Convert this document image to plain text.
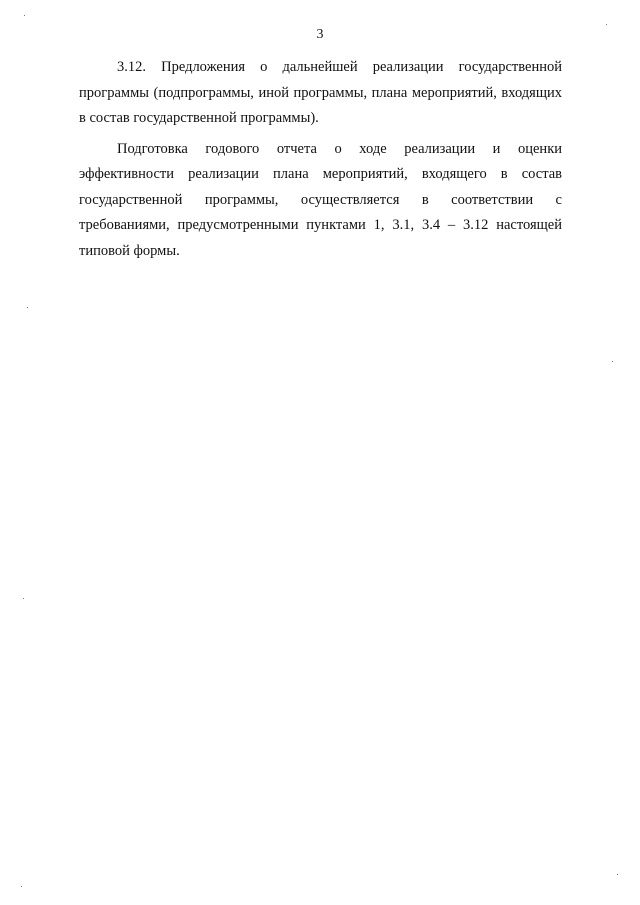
3

3.12. Предложения о дальнейшей реализации государственной программы (подпрограммы, иной программы, плана мероприятий, входящих в состав государственной программы).

Подготовка годового отчета о ходе реализации и оценки эффективности реализации плана мероприятий, входящего в состав государственной программы, осуществляется в соответствии с требованиями, предусмотренными пунктами 1, 3.1, 3.4 – 3.12 настоящей типовой формы.
